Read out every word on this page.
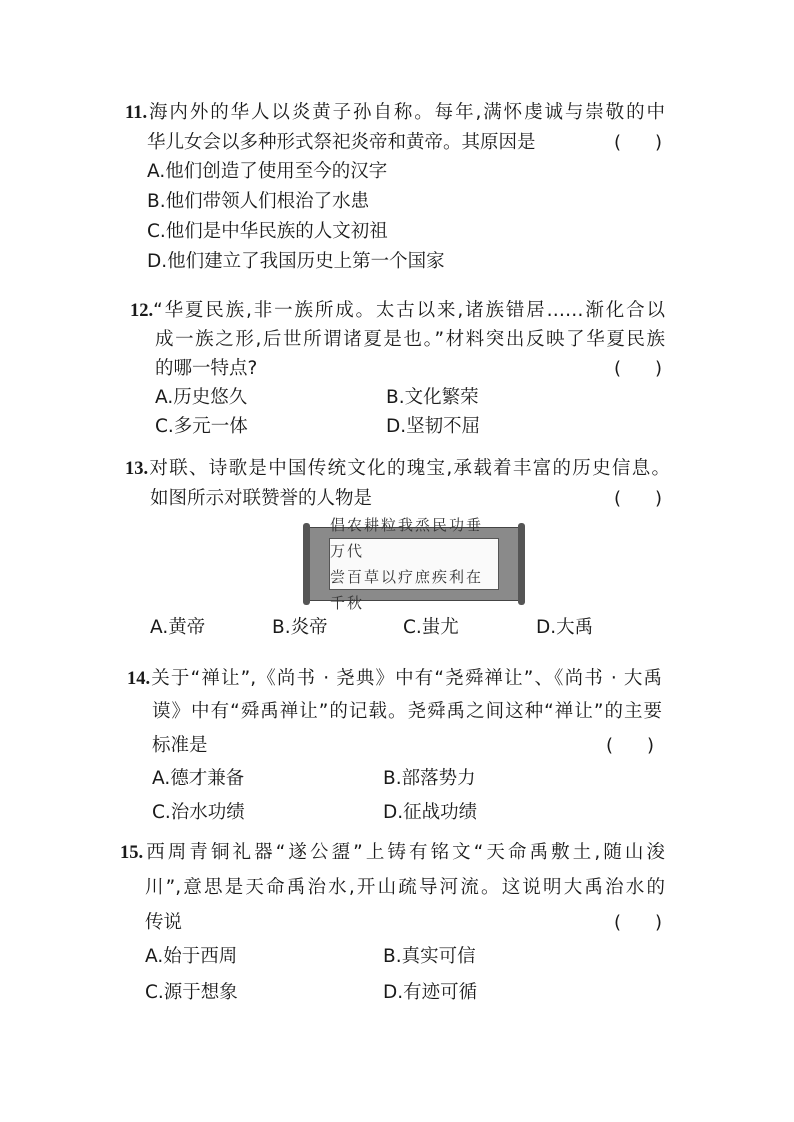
11.海内外的华人以炎黄子孙自称。每年,满怀虔诚与崇敬的中
华儿女会以多种形式祭祀炎帝和黄帝。其原因是	( )
A.他们创造了使用至今的汉字
B.他们带领人们根治了水患
C.他们是中华民族的人文初祖
D.他们建立了我国历史上第一个国家
12.“华夏民族,非一族所成。太古以来,诸族错居……渐化合以
成一族之形,后世所谓诸夏是也。”材料突出反映了华夏民族
的哪一特点?	( )
A.历史悠久	B.文化繁荣
C.多元一体	D.坚韧不屈
13.对联、诗歌是中国传统文化的瑰宝,承载着丰富的历史信息。
如图所示对联赞誉的人物是	( )
倡农耕粒我烝民功垂万代
尝百草以疗庶疾利在千秋
A.黄帝	B.炎帝	C.蚩尤	D.大禹
14.关于“禅让”,《尚书 · 尧典》中有“尧舜禅让”、《尚书 · 大禹
谟》中有“舜禹禅让”的记载。尧舜禹之间这种“禅让”的主要
标准是	( )
A.德才兼备	B.部落势力
C.治水功绩	D.征战功绩
15.西周青铜礼器“遂公盨”上铸有铭文“天命禹敷土,随山浚
川”,意思是天命禹治水,开山疏导河流。这说明大禹治水的
传说	( )
A.始于西周	B.真实可信
C.源于想象	D.有迹可循
